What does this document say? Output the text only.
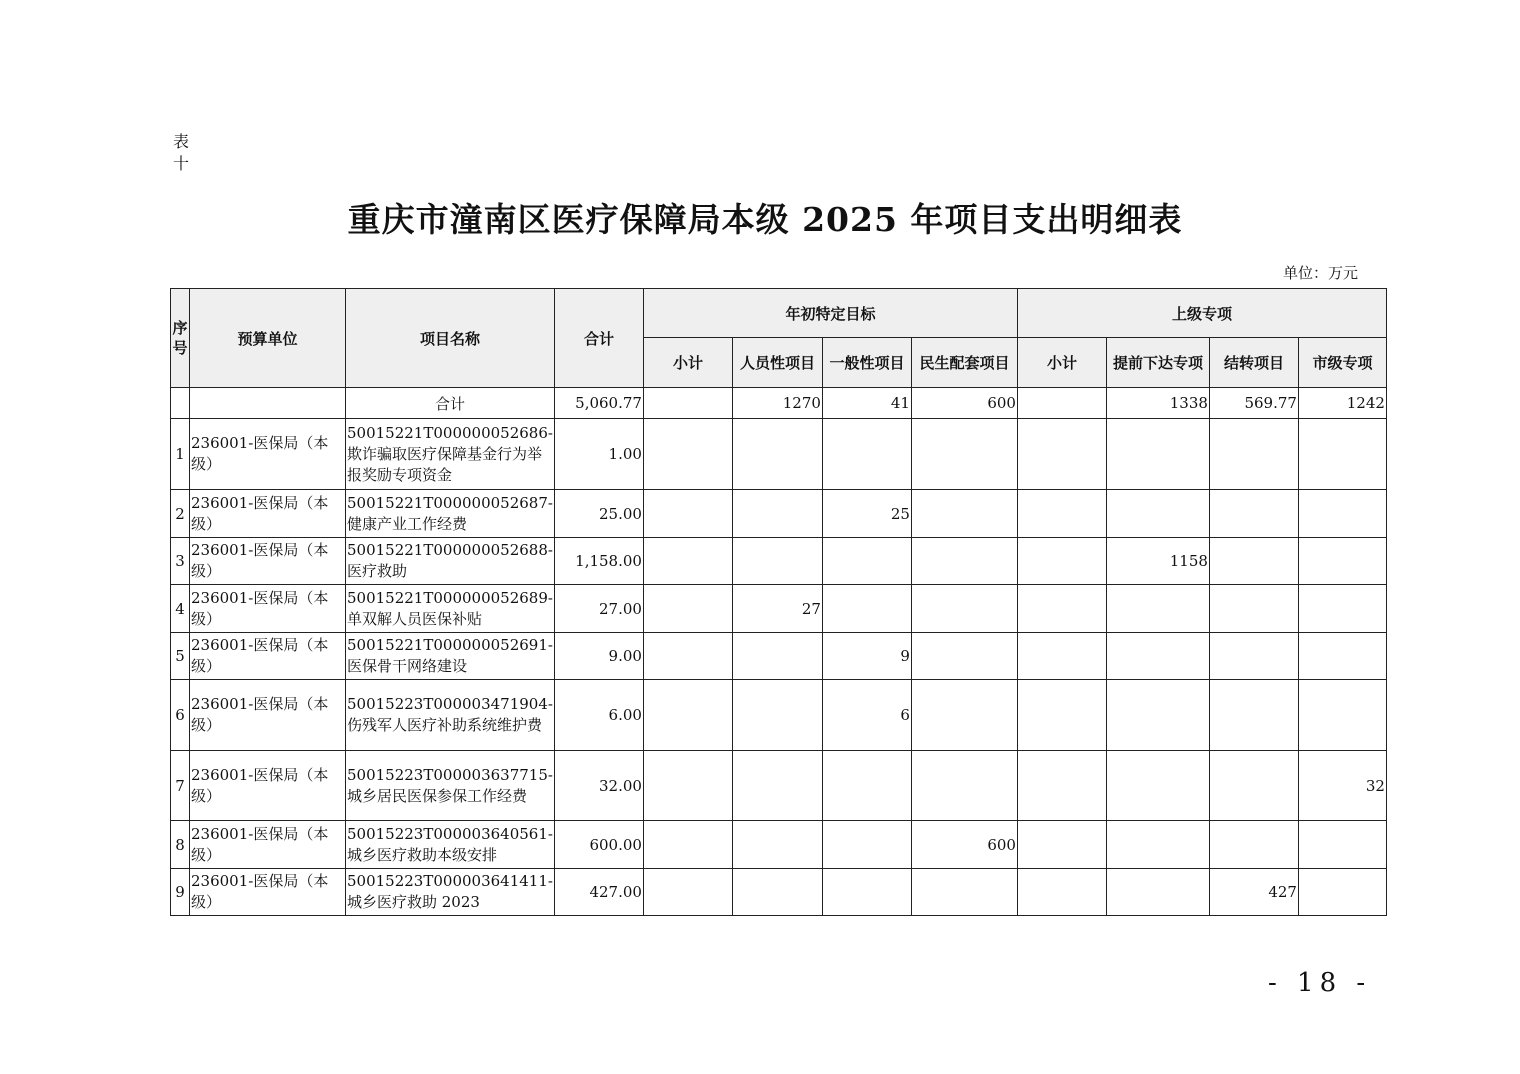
表十
重庆市潼南区医疗保障局本级 2025 年项目支出明细表
单位：万元
序号	预算单位	项目名称	合计	年初特定目标				上级专项			
				小计	人员性项目	一般性项目	民生配套项目	小计	提前下达专项	结转项目	市级专项
		合计	5,060.77		1270	41	600		1338	569.77	1242
1	236001-医保局（本级）	50015221T000000052686-欺诈骗取医疗保障基金行为举报奖励专项资金	1.00								
2	236001-医保局（本级）	50015221T000000052687-健康产业工作经费	25.00			25					
3	236001-医保局（本级）	50015221T000000052688-医疗救助	1,158.00						1158		
4	236001-医保局（本级）	50015221T000000052689-单双解人员医保补贴	27.00		27						
5	236001-医保局（本级）	50015221T000000052691-医保骨干网络建设	9.00			9					
6	236001-医保局（本级）	50015223T000003471904-伤残军人医疗补助系统维护费	6.00			6					
7	236001-医保局（本级）	50015223T000003637715-城乡居民医保参保工作经费	32.00								32
8	236001-医保局（本级）	50015223T000003640561-城乡医疗救助本级安排	600.00				600				
9	236001-医保局（本级）	50015223T000003641411-城乡医疗救助 2023	427.00							427	
- 18 -
